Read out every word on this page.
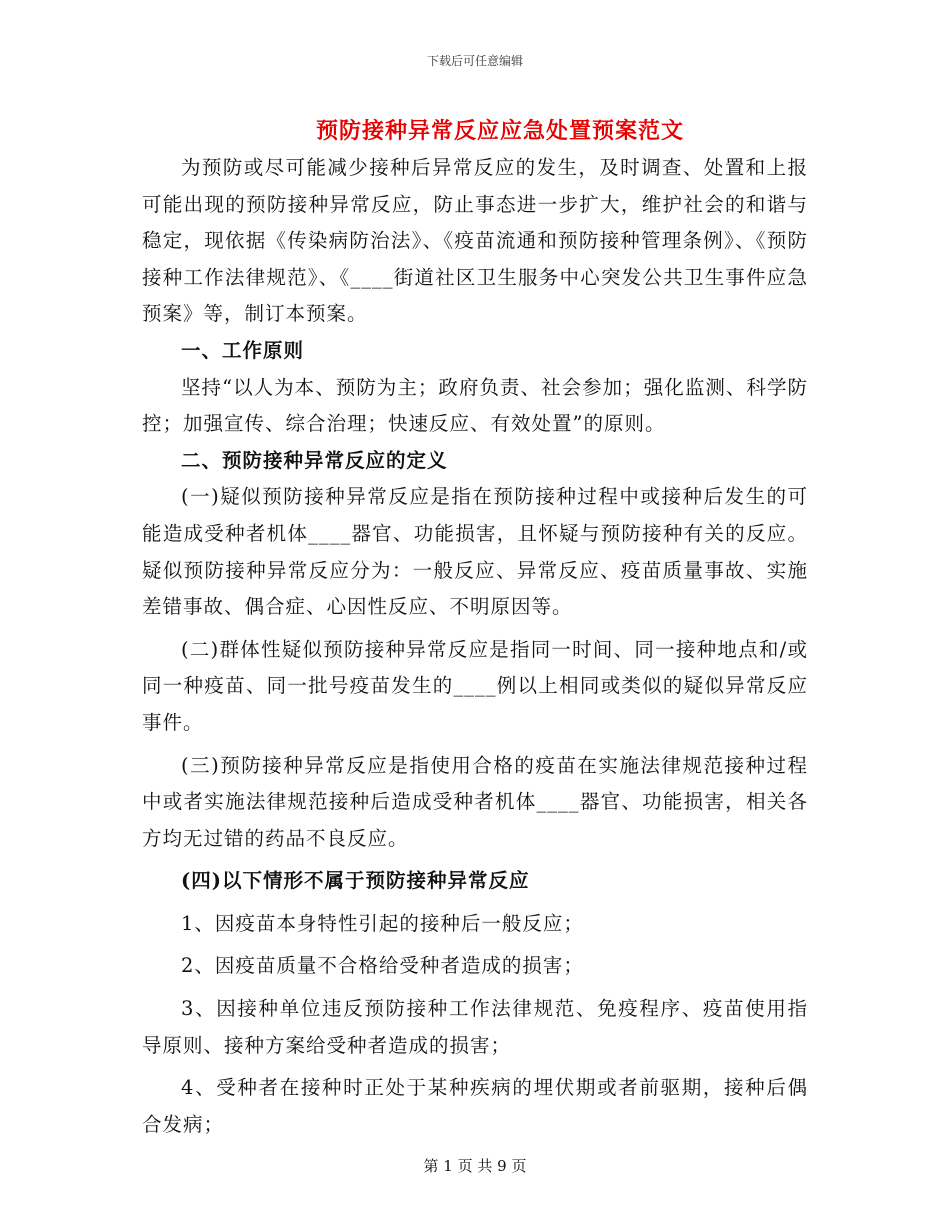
下载后可任意编辑
预防接种异常反应应急处置预案范文

为预防或尽可能减少接种后异常反应的发生，及时调查、处置和上报可能出现的预防接种异常反应，防止事态进一步扩大，维护社会的和谐与稳定，现依据《传染病防治法》、《疫苗流通和预防接种管理条例》、《预防接种工作法律规范》、《____街道社区卫生服务中心突发公共卫生事件应急预案》等，制订本预案。

一、工作原则

坚持“以人为本、预防为主；政府负责、社会参加；强化监测、科学防控；加强宣传、综合治理；快速反应、有效处置”的原则。

二、预防接种异常反应的定义

(一)疑似预防接种异常反应是指在预防接种过程中或接种后发生的可能造成受种者机体____器官、功能损害，且怀疑与预防接种有关的反应。疑似预防接种异常反应分为：一般反应、异常反应、疫苗质量事故、实施差错事故、偶合症、心因性反应、不明原因等。

(二)群体性疑似预防接种异常反应是指同一时间、同一接种地点和/或同一种疫苗、同一批号疫苗发生的____例以上相同或类似的疑似异常反应事件。

(三)预防接种异常反应是指使用合格的疫苗在实施法律规范接种过程中或者实施法律规范接种后造成受种者机体____器官、功能损害，相关各方均无过错的药品不良反应。

(四)以下情形不属于预防接种异常反应

1、因疫苗本身特性引起的接种后一般反应；

2、因疫苗质量不合格给受种者造成的损害；

3、因接种单位违反预防接种工作法律规范、免疫程序、疫苗使用指导原则、接种方案给受种者造成的损害；

4、受种者在接种时正处于某种疾病的埋伏期或者前驱期，接种后偶合发病；

第 1 页 共 9 页
